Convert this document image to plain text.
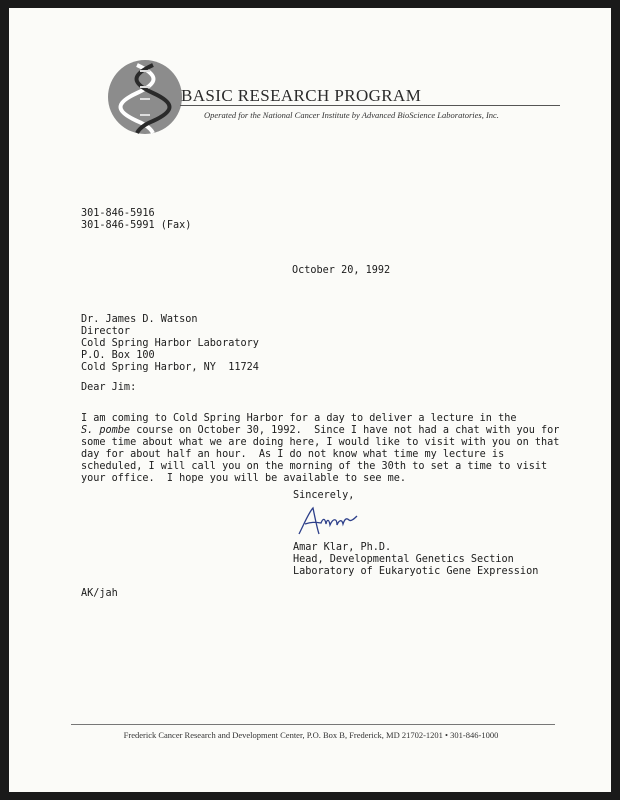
BASIC RESEARCH PROGRAM
Operated for the National Cancer Institute by Advanced BioScience Laboratories, Inc.
301-846-5916
301-846-5991 (Fax)
October 20, 1992
Dr. James D. Watson
Director
Cold Spring Harbor Laboratory
P.O. Box 100
Cold Spring Harbor, NY  11724
Dear Jim:
I am coming to Cold Spring Harbor for a day to deliver a lecture in the
S. pombe course on October 30, 1992.  Since I have not had a chat with you for
some time about what we are doing here, I would like to visit with you on that
day for about half an hour.  As I do not know what time my lecture is
scheduled, I will call you on the morning of the 30th to set a time to visit
your office.  I hope you will be available to see me.
Sincerely,
Amar Klar, Ph.D.
Head, Developmental Genetics Section
Laboratory of Eukaryotic Gene Expression
AK/jah
Frederick Cancer Research and Development Center, P.O. Box B, Frederick, MD 21702-1201 • 301-846-1000
